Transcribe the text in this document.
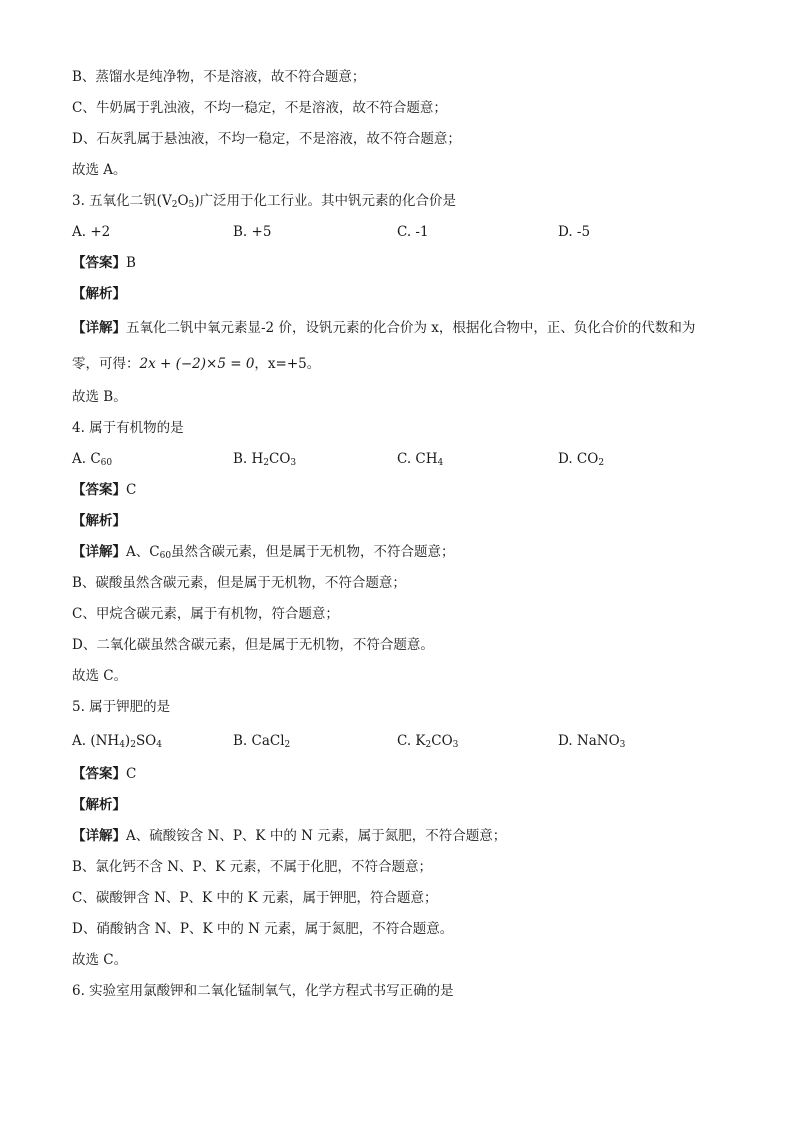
B、蒸馏水是纯净物，不是溶液，故不符合题意；
C、牛奶属于乳浊液，不均一稳定，不是溶液，故不符合题意；
D、石灰乳属于悬浊液，不均一稳定，不是溶液，故不符合题意；
故选 A。
3. 五氧化二钒$(V_2O_5)$广泛用于化工行业。其中钒元素的化合价是
A. +2	B. +5	C. -1	D. -5
【答案】B
【解析】
【详解】五氧化二钒中氧元素显-2 价，设钒元素的化合价为 x，根据化合物中，正、负化合价的代数和为
零，可得：2x + (−2)×5 = 0，x=+5。
故选 B。
4. 属于有机物的是
A. $C_{60}$	B. $H_2CO_3$	C. $CH_4$	D. $CO_2$
【答案】C
【解析】
【详解】A、$C_{60}$虽然含碳元素，但是属于无机物，不符合题意；
B、碳酸虽然含碳元素，但是属于无机物，不符合题意；
C、甲烷含碳元素，属于有机物，符合题意；
D、二氧化碳虽然含碳元素，但是属于无机物，不符合题意。
故选 C。
5. 属于钾肥的是
A. $(NH_4)_2SO_4$	B. CaCl$_2$	C. $K_2CO_3$	D. NaNO$_3$
【答案】C
【解析】
【详解】A、硫酸铵含 N、P、K 中的 N 元素，属于氮肥，不符合题意；
B、氯化钙不含 N、P、K 元素，不属于化肥，不符合题意；
C、碳酸钾含 N、P、K 中的 K 元素，属于钾肥，符合题意；
D、硝酸钠含 N、P、K 中的 N 元素，属于氮肥，不符合题意。
故选 C。
6. 实验室用氯酸钾和二氧化锰制氧气，化学方程式书写正确的是
